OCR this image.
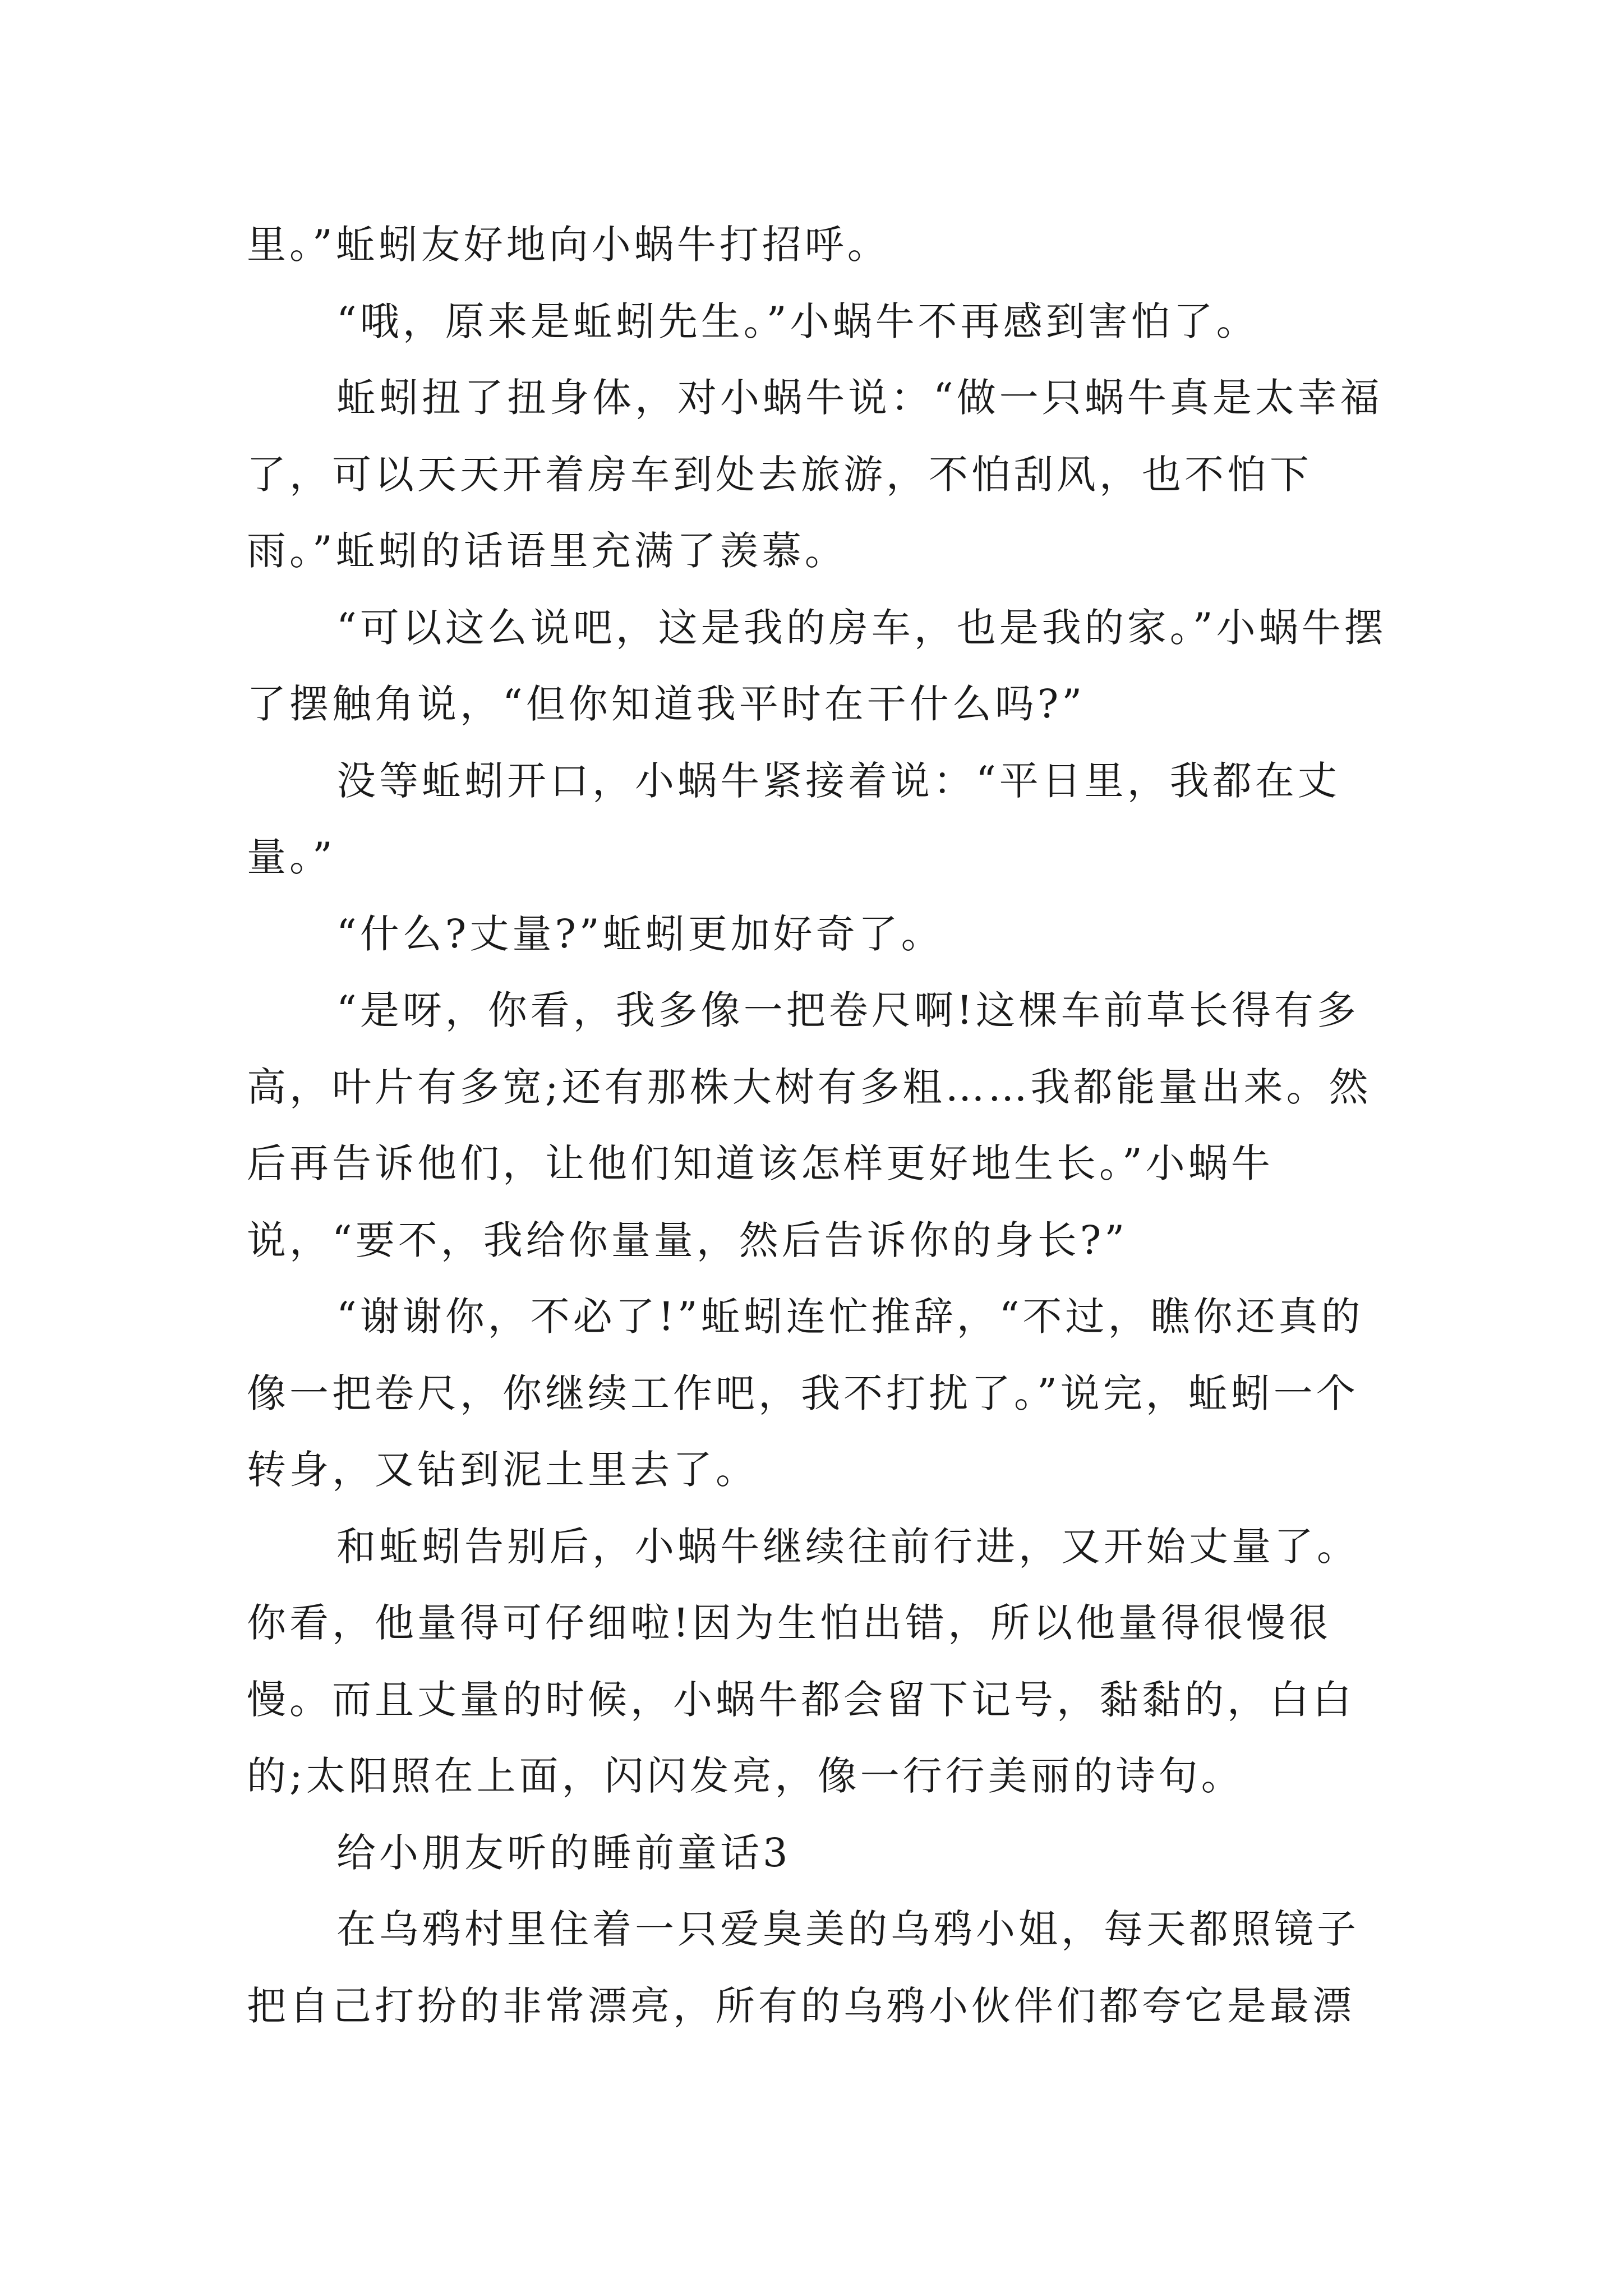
里。”蚯蚓友好地向小蜗牛打招呼。

“哦，原来是蚯蚓先生。”小蜗牛不再感到害怕了。

蚯蚓扭了扭身体，对小蜗牛说：“做一只蜗牛真是太幸福了，可以天天开着房车到处去旅游，不怕刮风，也不怕下雨。”蚯蚓的话语里充满了羡慕。

“可以这么说吧，这是我的房车，也是我的家。”小蜗牛摆了摆触角说，“但你知道我平时在干什么吗?”

没等蚯蚓开口，小蜗牛紧接着说：“平日里，我都在丈量。”

“什么?丈量?”蚯蚓更加好奇了。

“是呀，你看，我多像一把卷尺啊!这棵车前草长得有多高，叶片有多宽;还有那株大树有多粗……我都能量出来。然后再告诉他们，让他们知道该怎样更好地生长。”小蜗牛说，“要不，我给你量量，然后告诉你的身长?”

“谢谢你，不必了!”蚯蚓连忙推辞，“不过，瞧你还真的像一把卷尺，你继续工作吧，我不打扰了。”说完，蚯蚓一个转身，又钻到泥土里去了。

和蚯蚓告别后，小蜗牛继续往前行进，又开始丈量了。你看，他量得可仔细啦!因为生怕出错，所以他量得很慢很慢。而且丈量的时候，小蜗牛都会留下记号，黏黏的，白白的;太阳照在上面，闪闪发亮，像一行行美丽的诗句。

给小朋友听的睡前童话3

在乌鸦村里住着一只爱臭美的乌鸦小姐，每天都照镜子把自己打扮的非常漂亮，所有的乌鸦小伙伴们都夸它是最漂
